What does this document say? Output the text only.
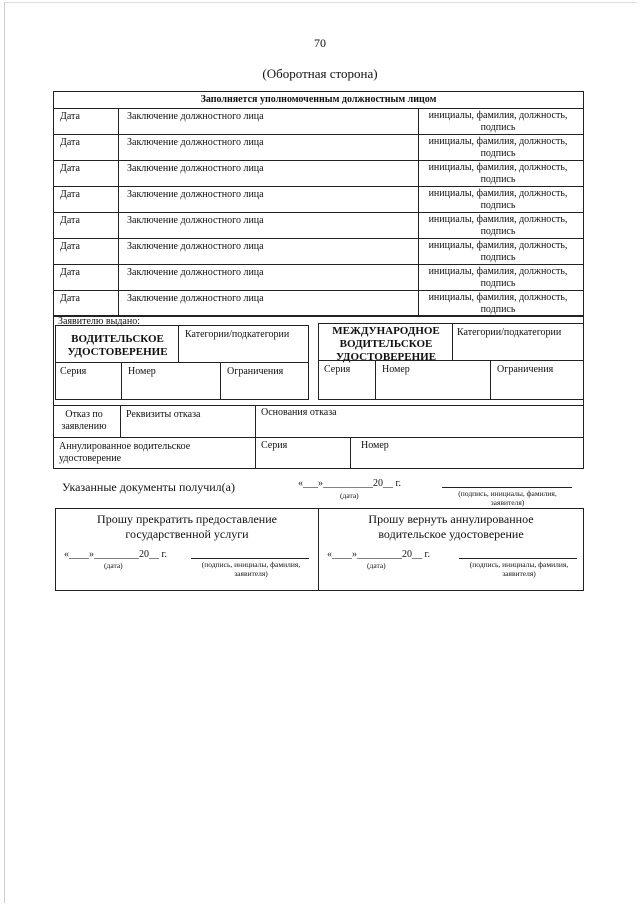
70
(Оборотная сторона)
Заполняется уполномоченным должностным лицом
Дата	Заключение должностного лица	инициалы, фамилия, должность, подпись
Дата	Заключение должностного лица	инициалы, фамилия, должность, подпись
Дата	Заключение должностного лица	инициалы, фамилия, должность, подпись
Дата	Заключение должностного лица	инициалы, фамилия, должность, подпись
Дата	Заключение должностного лица	инициалы, фамилия, должность, подпись
Дата	Заключение должностного лица	инициалы, фамилия, должность, подпись
Дата	Заключение должностного лица	инициалы, фамилия, должность, подпись
Дата	Заключение должностного лица	инициалы, фамилия, должность, подпись
Заявителю выдано:
ВОДИТЕЛЬСКОЕ УДОСТОВЕРЕНИЕ
Категории/подкатегории
Серия	Номер	Ограничения
МЕЖДУНАРОДНОЕ ВОДИТЕЛЬСКОЕ УДОСТОВЕРЕНИЕ
Категории/подкатегории
Серия	Номер	Ограничения
Отказ по заявлению
Реквизиты отказа	Основания отказа
Аннулированное водительское удостоверение
Серия	Номер
Указанные документы получил(а)	«___»__________20__ г.
(дата)	(подпись, инициалы, фамилия, заявителя)
Прошу прекратить предоставление государственной услуги
«____»_________20__ г.
(дата)	(подпись, инициалы, фамилия, заявителя)
Прошу вернуть аннулированное водительское удостоверение
«____»_________20__ г.
(дата)	(подпись, инициалы, фамилия, заявителя)
